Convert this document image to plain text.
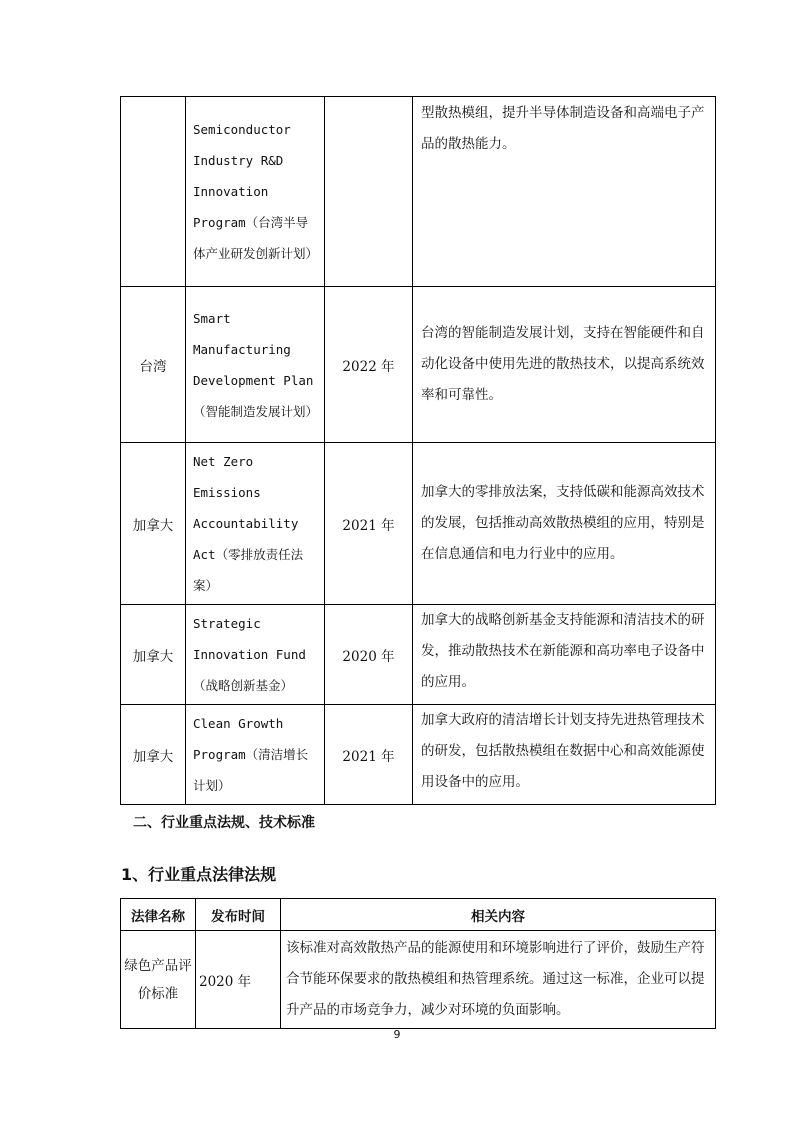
	Semiconductor Industry R&D Innovation Program（台湾半导体产业研发创新计划）		型散热模组，提升半导体制造设备和高端电子产品的散热能力。
台湾	Smart Manufacturing Development Plan（智能制造发展计划）	2022 年	台湾的智能制造发展计划，支持在智能硬件和自动化设备中使用先进的散热技术，以提高系统效率和可靠性。
加拿大	Net Zero Emissions Accountability Act（零排放责任法案）	2021 年	加拿大的零排放法案，支持低碳和能源高效技术的发展，包括推动高效散热模组的应用，特别是在信息通信和电力行业中的应用。
加拿大	Strategic Innovation Fund（战略创新基金）	2020 年	加拿大的战略创新基金支持能源和清洁技术的研发，推动散热技术在新能源和高功率电子设备中的应用。
加拿大	Clean Growth Program（清洁增长计划）	2021 年	加拿大政府的清洁增长计划支持先进热管理技术的研发，包括散热模组在数据中心和高效能源使用设备中的应用。
二、行业重点法规、技术标准
1、行业重点法律法规
法律名称	发布时间	相关内容
绿色产品评价标准	2020 年	该标准对高效散热产品的能源使用和环境影响进行了评价，鼓励生产符合节能环保要求的散热模组和热管理系统。通过这一标准，企业可以提升产品的市场竞争力，减少对环境的负面影响。
9
